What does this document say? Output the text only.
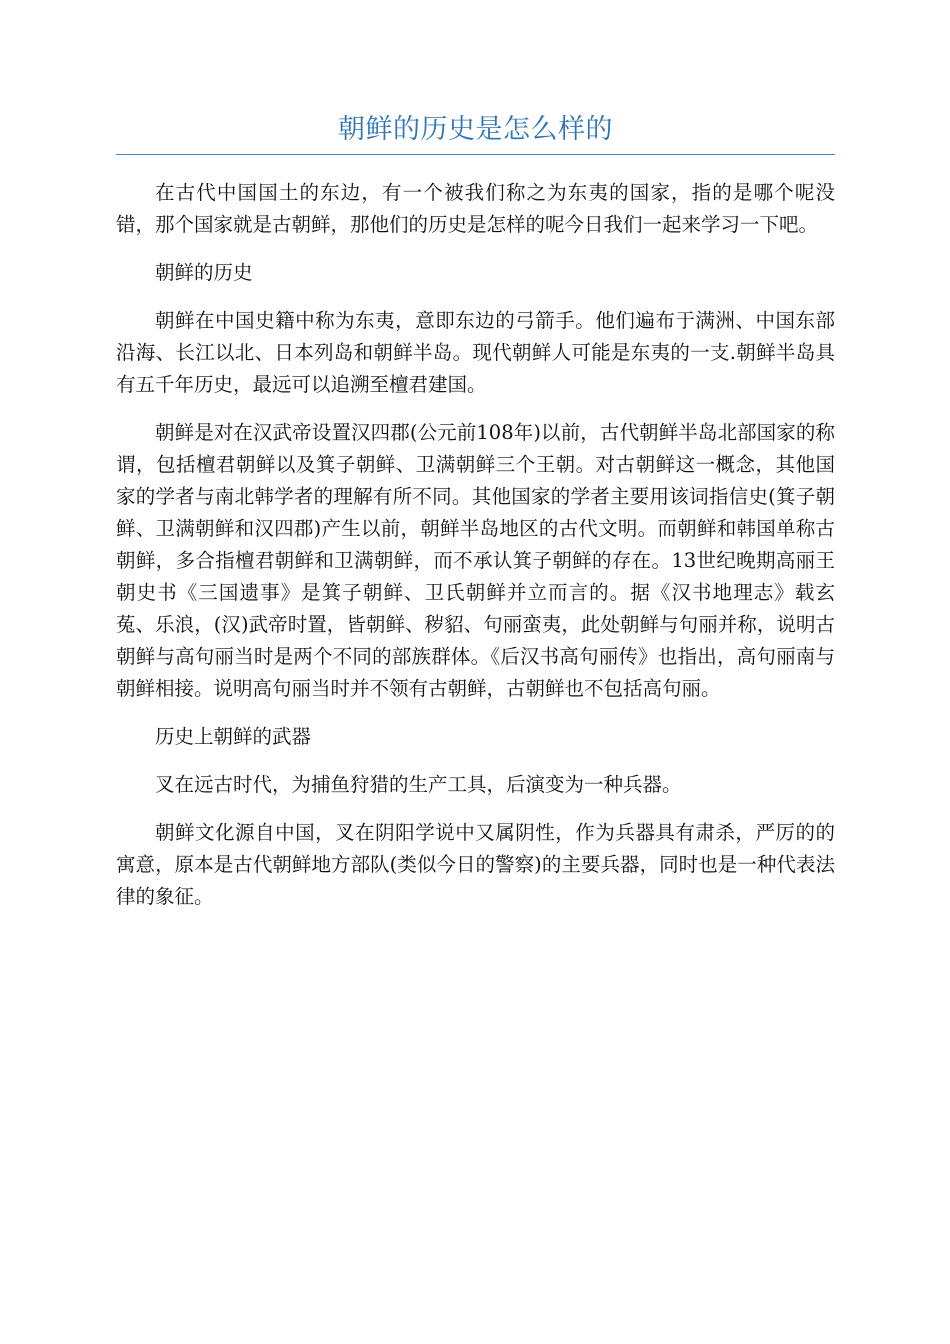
朝鲜的历史是怎么样的

在古代中国国土的东边，有一个被我们称之为东夷的国家，指的是哪个呢没错，那个国家就是古朝鲜，那他们的历史是怎样的呢今日我们一起来学习一下吧。

朝鲜的历史

朝鲜在中国史籍中称为东夷，意即东边的弓箭手。他们遍布于满洲、中国东部沿海、长江以北、日本列岛和朝鲜半岛。现代朝鲜人可能是东夷的一支.朝鲜半岛具有五千年历史，最远可以追溯至檀君建国。

朝鲜是对在汉武帝设置汉四郡(公元前108年)以前，古代朝鲜半岛北部国家的称谓，包括檀君朝鲜以及箕子朝鲜、卫满朝鲜三个王朝。对古朝鲜这一概念，其他国家的学者与南北韩学者的理解有所不同。其他国家的学者主要用该词指信史(箕子朝鲜、卫满朝鲜和汉四郡)产生以前，朝鲜半岛地区的古代文明。而朝鲜和韩国单称古朝鲜，多合指檀君朝鲜和卫满朝鲜，而不承认箕子朝鲜的存在。13世纪晚期高丽王朝史书《三国遗事》是箕子朝鲜、卫氏朝鲜并立而言的。据《汉书地理志》载玄菟、乐浪，(汉)武帝时置，皆朝鲜、秽貂、句丽蛮夷，此处朝鲜与句丽并称，说明古朝鲜与高句丽当时是两个不同的部族群体。《后汉书高句丽传》也指出，高句丽南与朝鲜相接。说明高句丽当时并不领有古朝鲜，古朝鲜也不包括高句丽。

历史上朝鲜的武器

叉在远古时代，为捕鱼狩猎的生产工具，后演变为一种兵器。

朝鲜文化源自中国，叉在阴阳学说中又属阴性，作为兵器具有肃杀，严厉的的寓意，原本是古代朝鲜地方部队(类似今日的警察)的主要兵器，同时也是一种代表法律的象征。
